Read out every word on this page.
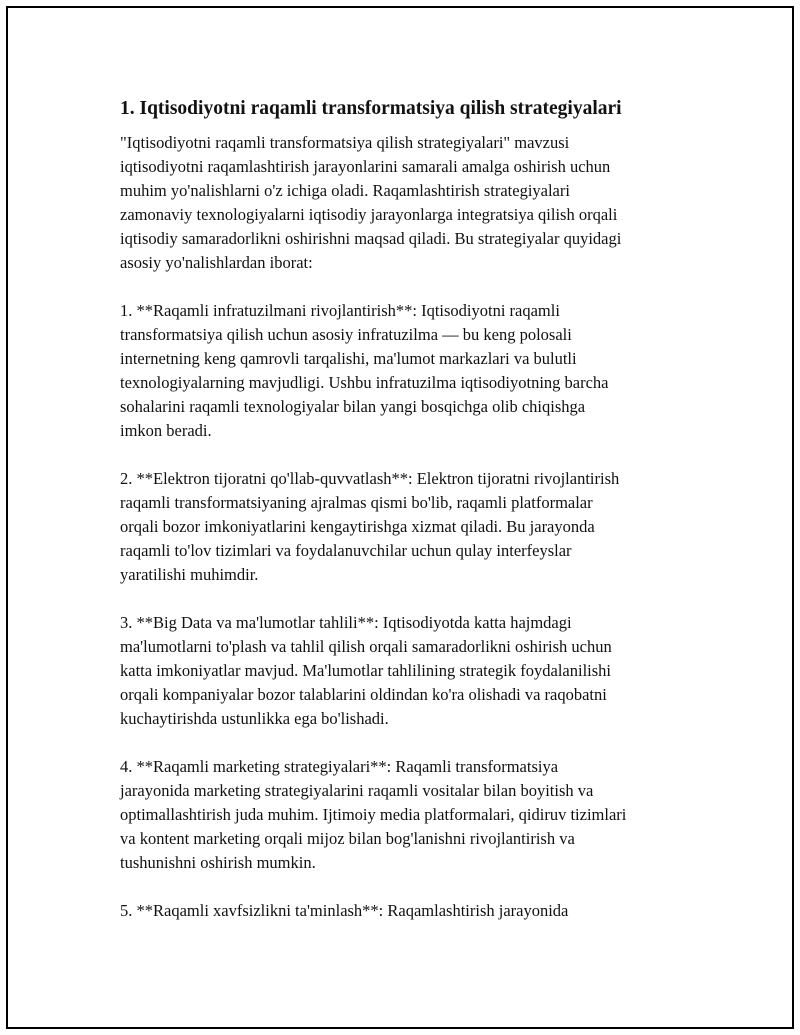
1. Iqtisodiyotni raqamli transformatsiya qilish strategiyalari

"Iqtisodiyotni raqamli transformatsiya qilish strategiyalari" mavzusi
iqtisodiyotni raqamlashtirish jarayonlarini samarali amalga oshirish uchun
muhim yo'nalishlarni o'z ichiga oladi. Raqamlashtirish strategiyalari
zamonaviy texnologiyalarni iqtisodiy jarayonlarga integratsiya qilish orqali
iqtisodiy samaradorlikni oshirishni maqsad qiladi. Bu strategiyalar quyidagi
asosiy yo'nalishlardan iborat:

1. **Raqamli infratuzilmani rivojlantirish**: Iqtisodiyotni raqamli
transformatsiya qilish uchun asosiy infratuzilma — bu keng polosali
internetning keng qamrovli tarqalishi, ma'lumot markazlari va bulutli
texnologiyalarning mavjudligi. Ushbu infratuzilma iqtisodiyotning barcha
sohalarini raqamli texnologiyalar bilan yangi bosqichga olib chiqishga
imkon beradi.

2. **Elektron tijoratni qo'llab-quvvatlash**: Elektron tijoratni rivojlantirish
raqamli transformatsiyaning ajralmas qismi bo'lib, raqamli platformalar
orqali bozor imkoniyatlarini kengaytirishga xizmat qiladi. Bu jarayonda
raqamli to'lov tizimlari va foydalanuvchilar uchun qulay interfeyslar
yaratilishi muhimdir.

3. **Big Data va ma'lumotlar tahlili**: Iqtisodiyotda katta hajmdagi
ma'lumotlarni to'plash va tahlil qilish orqali samaradorlikni oshirish uchun
katta imkoniyatlar mavjud. Ma'lumotlar tahlilining strategik foydalanilishi
orqali kompaniyalar bozor talablarini oldindan ko'ra olishadi va raqobatni
kuchaytirishda ustunlikka ega bo'lishadi.

4. **Raqamli marketing strategiyalari**: Raqamli transformatsiya
jarayonida marketing strategiyalarini raqamli vositalar bilan boyitish va
optimallashtirish juda muhim. Ijtimoiy media platformalari, qidiruv tizimlari
va kontent marketing orqali mijoz bilan bog'lanishni rivojlantirish va
tushunishni oshirish mumkin.

5. **Raqamli xavfsizlikni ta'minlash**: Raqamlashtirish jarayonida
